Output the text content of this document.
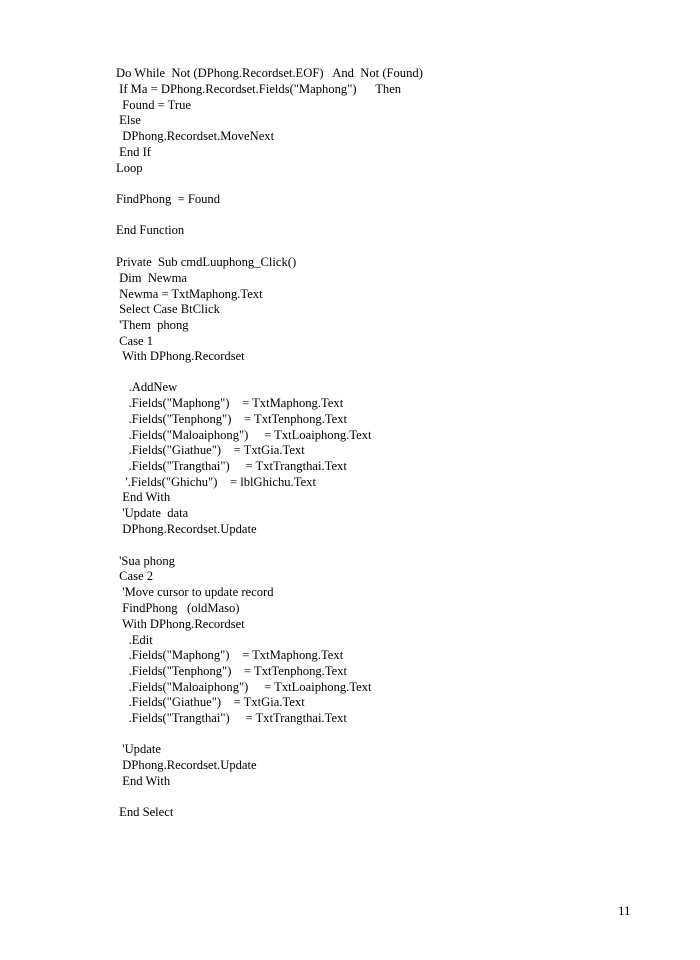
Do While  Not (DPhong.Recordset.EOF)   And  Not (Found)
If Ma = DPhong.Recordset.Fields("Maphong")      Then
Found = True
Else
DPhong.Recordset.MoveNext
End If
Loop
FindPhong  = Found
End Function
Private  Sub cmdLuuphong_Click()
Dim  Newma
Newma = TxtMaphong.Text
Select Case BtClick
'Them  phong
Case 1
With DPhong.Recordset
.AddNew
.Fields("Maphong")    = TxtMaphong.Text
.Fields("Tenphong")    = TxtTenphong.Text
.Fields("Maloaiphong")     = TxtLoaiphong.Text
.Fields("Giathue")    = TxtGia.Text
.Fields("Trangthai")     = TxtTrangthai.Text
'.Fields("Ghichu")    = lblGhichu.Text
End With
'Update  data
DPhong.Recordset.Update
'Sua phong
Case 2
'Move cursor to update record
FindPhong   (oldMaso)
With DPhong.Recordset
.Edit
.Fields("Maphong")    = TxtMaphong.Text
.Fields("Tenphong")    = TxtTenphong.Text
.Fields("Maloaiphong")     = TxtLoaiphong.Text
.Fields("Giathue")    = TxtGia.Text
.Fields("Trangthai")     = TxtTrangthai.Text
'Update
DPhong.Recordset.Update
End With
End Select
11
